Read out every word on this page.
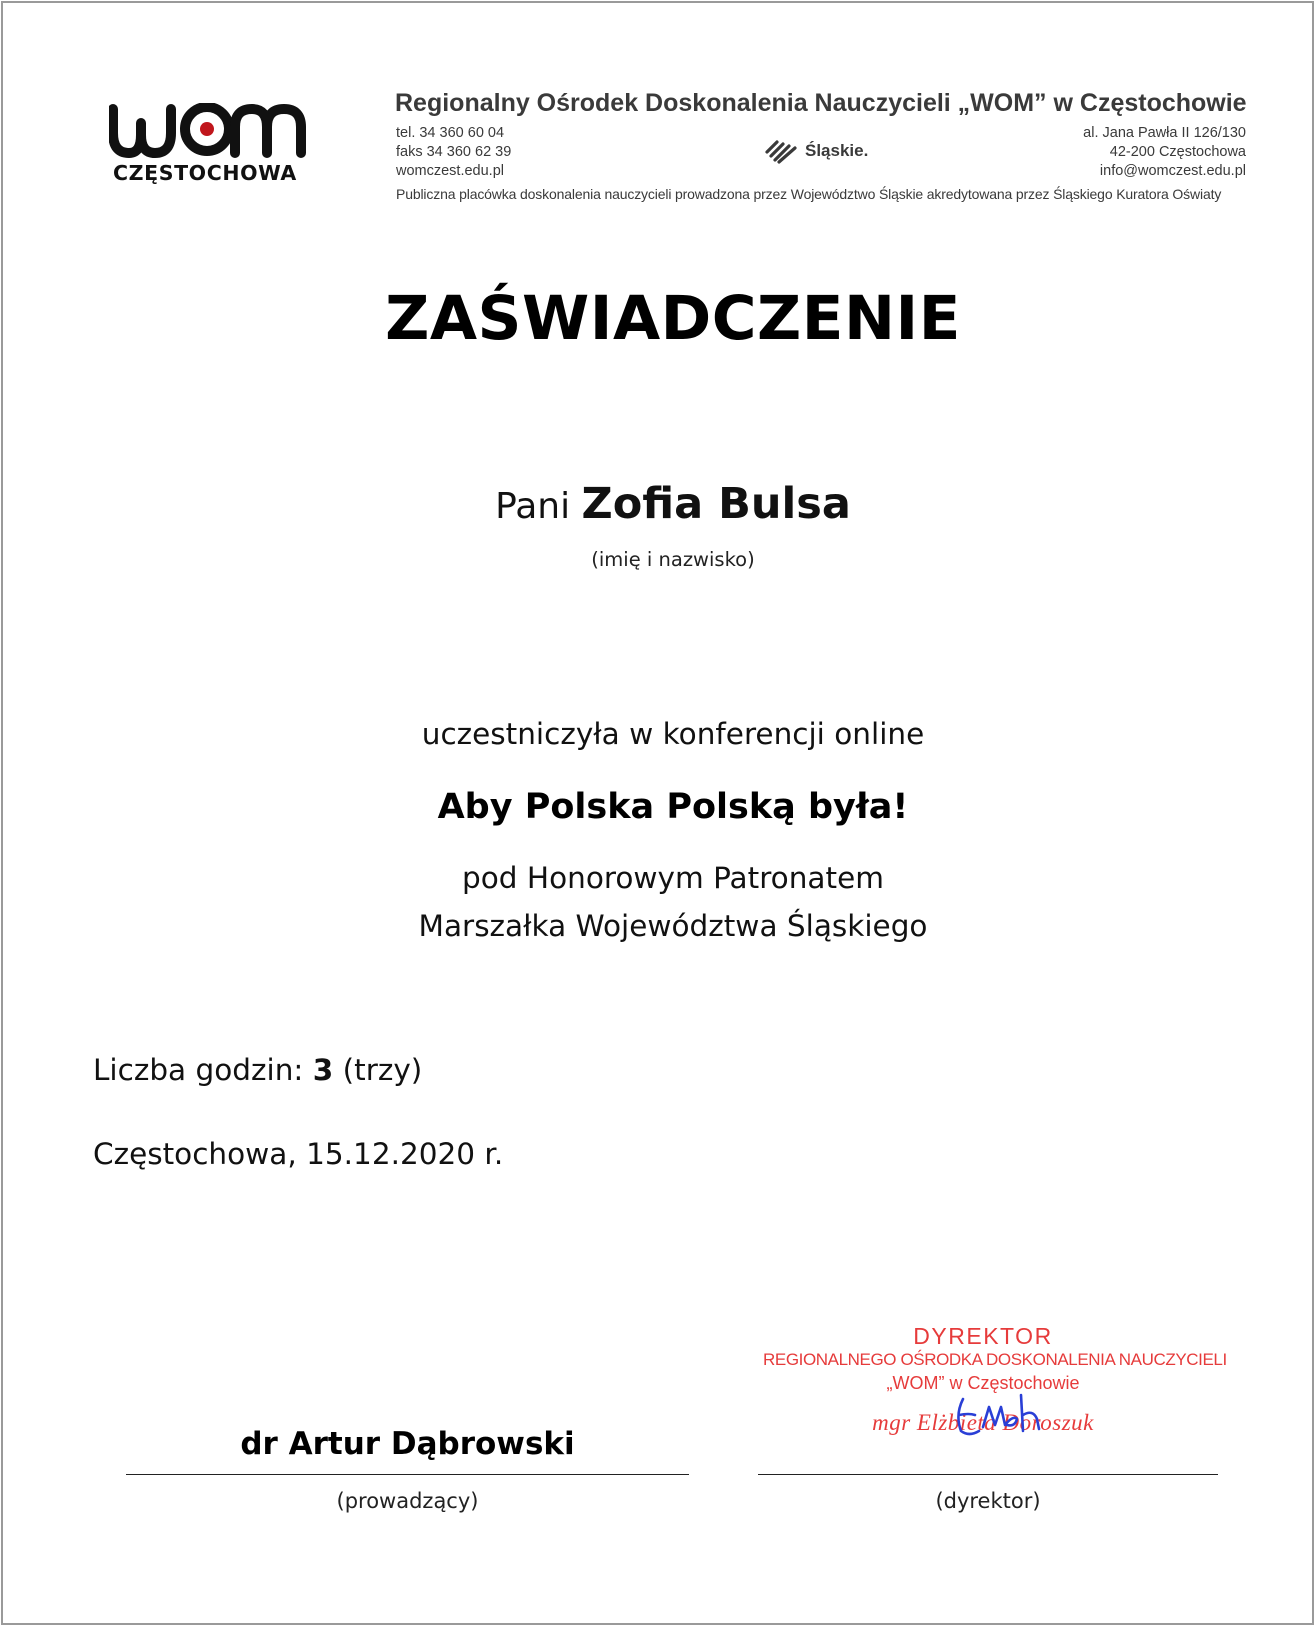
CZĘSTOCHOWA
Regionalny Ośrodek Doskonalenia Nauczycieli „WOM” w Częstochowie
tel. 34 360 60 04
faks 34 360 62 39
womczest.edu.pl
Śląskie.
al. Jana Pawła II 126/130
42-200 Częstochowa
info@womczest.edu.pl
Publiczna placówka doskonalenia nauczycieli prowadzona przez Województwo Śląskie akredytowana przez Śląskiego Kuratora Oświaty
ZAŚWIADCZENIE
Pani Zofia Bulsa
(imię i nazwisko)
uczestniczyła w konferencji online
Aby Polska Polską była!
pod Honorowym Patronatem
Marszałka Województwa Śląskiego
Liczba godzin: 3 (trzy)
Częstochowa, 15.12.2020 r.
dr Artur Dąbrowski
(prowadzący)
DYREKTOR
REGIONALNEGO OŚRODKA DOSKONALENIA NAUCZYCIELI
„WOM” w Częstochowie
mgr Elżbieta Doroszuk
(dyrektor)
